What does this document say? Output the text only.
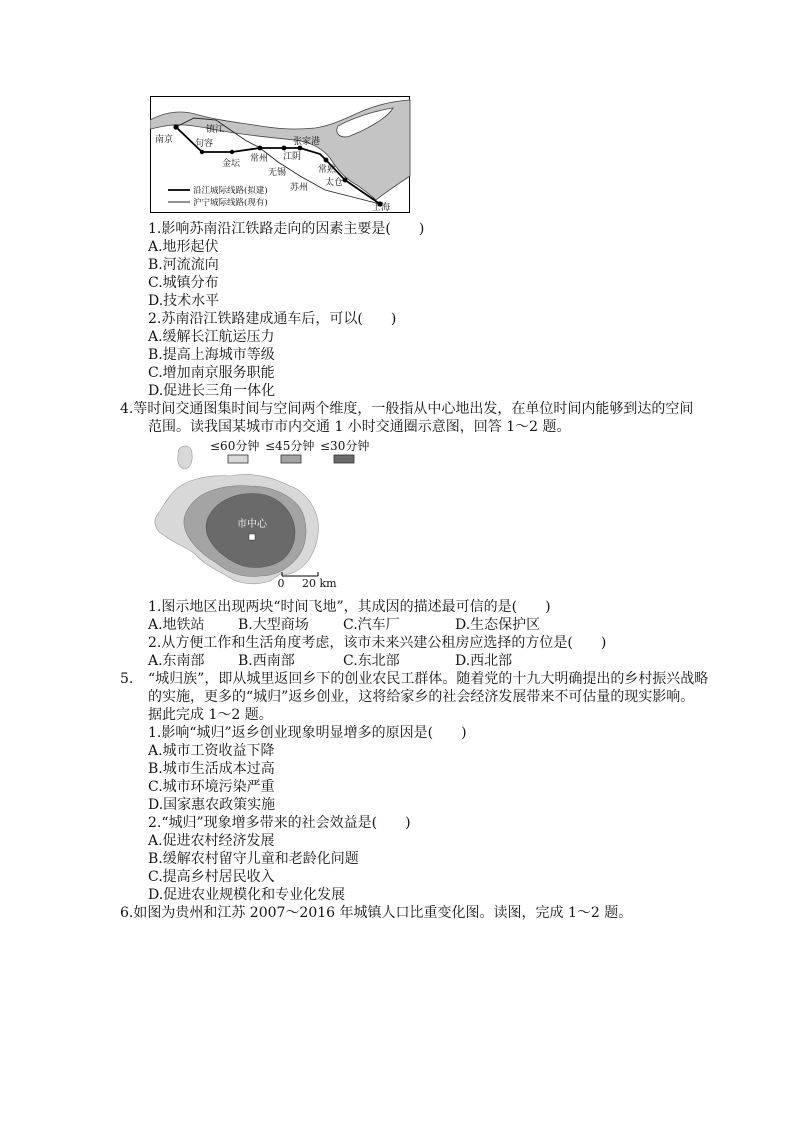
南京
镇江
句容
金坛 常州 江阴
张家港
无锡	常熟
苏州 太仓
上海
沿江城际线路(拟建)
沪宁城际线路(现有)
1.影响苏南沿江铁路走向的因素主要是(　　)
A.地形起伏
B.河流流向
C.城镇分布
D.技术水平
2.苏南沿江铁路建成通车后，可以(　　)
A.缓解长江航运压力
B.提高上海城市等级
C.增加南京服务职能
D.促进长三角一体化
4.等时间交通图集时间与空间两个维度，一般指从中心地出发，在单位时间内能够到达的空间
范围。读我国某城市市内交通 1 小时交通圈示意图，回答 1～2 题。
≤60分钟 ≤45分钟 ≤30分钟
市中心
0 20 km
1.图示地区出现两块“时间飞地”，其成因的描述最可信的是(　　)
A.地铁站 B.大型商场 C.汽车厂	D.生态保护区
2.从方便工作和生活角度考虑，该市未来兴建公租房应选择的方位是(　　)
A.东南部 B.西南部	C.东北部	D.西北部
5. “城归族”，即从城里返回乡下的创业农民工群体。随着党的十九大明确提出的乡村振兴战略
的实施，更多的“城归”返乡创业，这将给家乡的社会经济发展带来不可估量的现实影响。
据此完成 1～2 题。
1.影响“城归”返乡创业现象明显增多的原因是(　　)
A.城市工资收益下降
B.城市生活成本过高
C.城市环境污染严重
D.国家惠农政策实施
2.“城归”现象增多带来的社会效益是(　　)
A.促进农村经济发展
B.缓解农村留守儿童和老龄化问题
C.提高乡村居民收入
D.促进农业规模化和专业化发展
6.如图为贵州和江苏 2007～2016 年城镇人口比重变化图。读图，完成 1～2 题。
